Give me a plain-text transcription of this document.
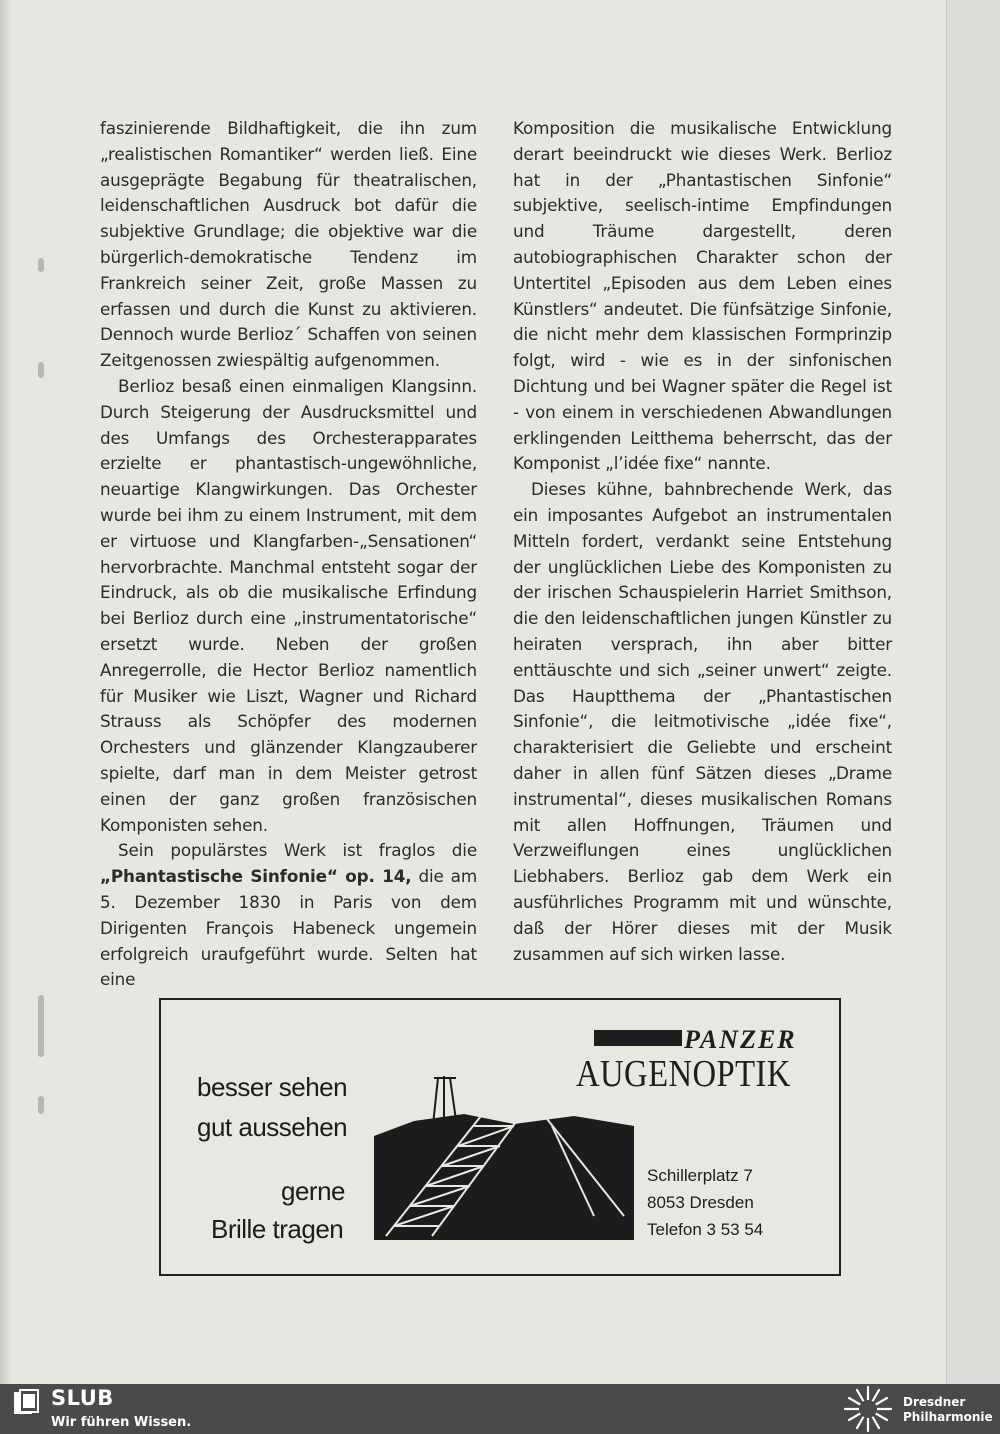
faszinierende Bildhaftigkeit, die ihn zum „realistischen Romantiker“ werden ließ. Eine ausgeprägte Begabung für theatralischen, leidenschaftlichen Ausdruck bot dafür die subjektive Grundlage; die objektive war die bürgerlich-demokratische Tendenz im Frankreich seiner Zeit, große Massen zu erfassen und durch die Kunst zu aktivieren. Dennoch wurde Berlioz´ Schaffen von seinen Zeitgenossen zwiespältig aufgenommen.

Berlioz besaß einen einmaligen Klangsinn. Durch Steigerung der Ausdrucksmittel und des Umfangs des Orchesterapparates erzielte er phantastisch-ungewöhnliche, neuartige Klangwirkungen. Das Orchester wurde bei ihm zu einem Instrument, mit dem er virtuose und Klangfarben-„Sensationen“ hervorbrachte. Manchmal entsteht sogar der Eindruck, als ob die musikalische Erfindung bei Berlioz durch eine „instrumentatorische“ ersetzt wurde. Neben der großen Anregerrolle, die Hector Berlioz namentlich für Musiker wie Liszt, Wagner und Richard Strauss als Schöpfer des modernen Orchesters und glänzender Klangzauberer spielte, darf man in dem Meister getrost einen der ganz großen französischen Komponisten sehen.

Sein populärstes Werk ist fraglos die „Phantastische Sinfonie“ op. 14, die am 5. Dezember 1830 in Paris von dem Dirigenten François Habeneck ungemein erfolgreich uraufgeführt wurde. Selten hat eine

Komposition die musikalische Entwicklung derart beeindruckt wie dieses Werk. Berlioz hat in der „Phantastischen Sinfonie“ subjektive, seelisch-intime Empfindungen und Träume dargestellt, deren autobiographischen Charakter schon der Untertitel „Episoden aus dem Leben eines Künstlers“ andeutet. Die fünfsätzige Sinfonie, die nicht mehr dem klassischen Formprinzip folgt, wird - wie es in der sinfonischen Dichtung und bei Wagner später die Regel ist - von einem in verschiedenen Abwandlungen erklingenden Leitthema beherrscht, das der Komponist „l’idée fixe“ nannte.

Dieses kühne, bahnbrechende Werk, das ein imposantes Aufgebot an instrumentalen Mitteln fordert, verdankt seine Entstehung der unglücklichen Liebe des Komponisten zu der irischen Schauspielerin Harriet Smithson, die den leidenschaftlichen jungen Künstler zu heiraten versprach, ihn aber bitter enttäuschte und sich „seiner unwert“ zeigte. Das Hauptthema der „Phantastischen Sinfonie“, die leitmotivische „idée fixe“, charakterisiert die Geliebte und erscheint daher in allen fünf Sätzen dieses „Drame instrumental“, dieses musikalischen Romans mit allen Hoffnungen, Träumen und Verzweiflungen eines unglücklichen Liebhabers. Berlioz gab dem Werk ein ausführliches Programm mit und wünschte, daß der Hörer dieses mit der Musik zusammen auf sich wirken lasse.

besser sehen
gut aussehen
gerne
Brille tragen
PANZER
AUGENOPTIK
Schillerplatz 7
8053 Dresden
Telefon 3 53 54
SLUB
Wir führen Wissen.
Dresdner
Philharmonie
